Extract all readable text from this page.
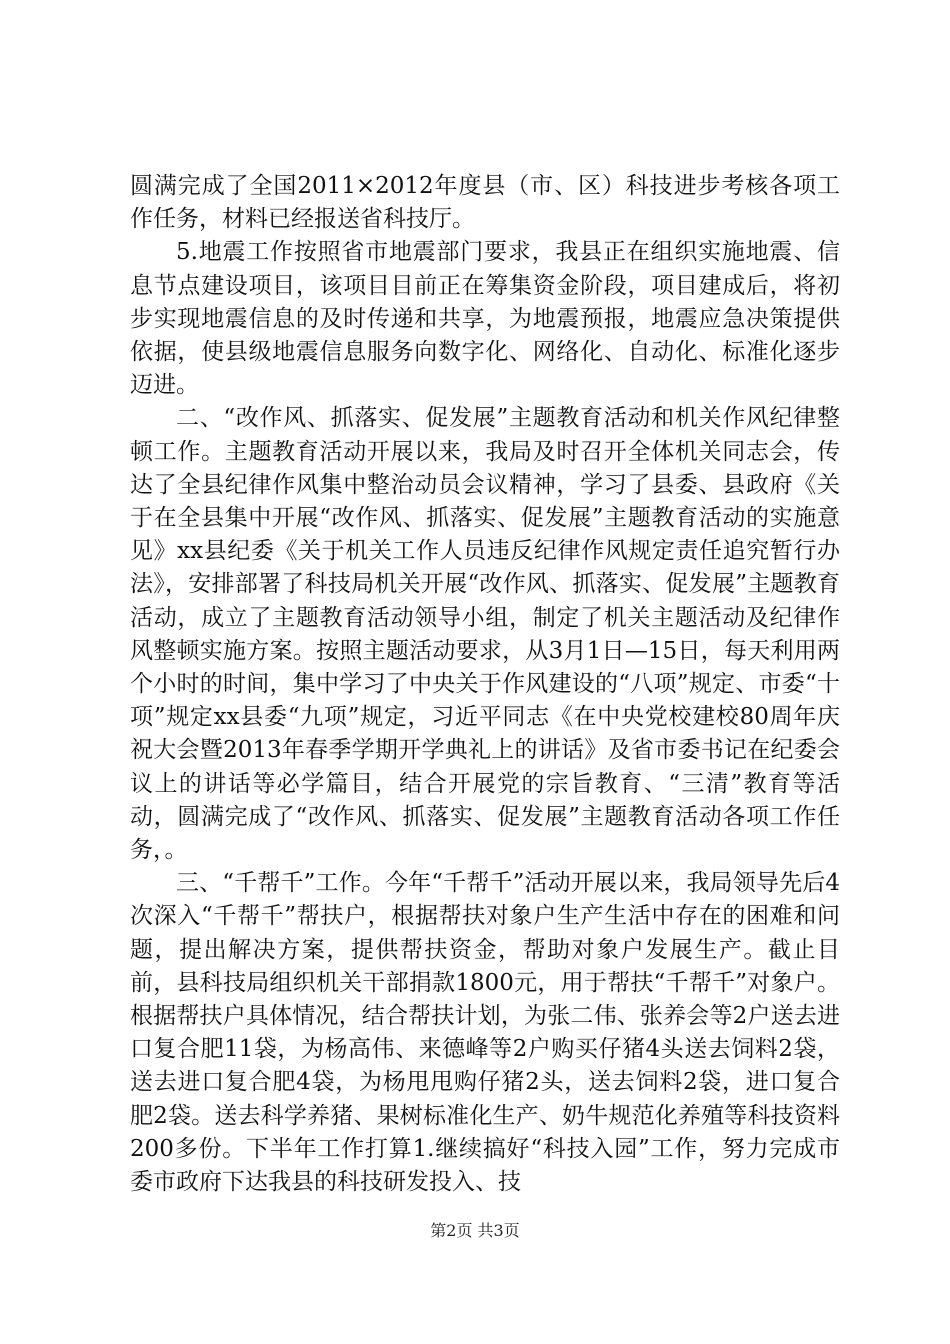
圆满完成了全国2011×2012年度县（市、区）科技进步考核各项工作任务，材料已经报送省科技厅。

5.地震工作按照省市地震部门要求，我县正在组织实施地震、信息节点建设项目，该项目目前正在筹集资金阶段，项目建成后，将初步实现地震信息的及时传递和共享，为地震预报，地震应急决策提供依据，使县级地震信息服务向数字化、网络化、自动化、标准化逐步迈进。

二、“改作风、抓落实、促发展”主题教育活动和机关作风纪律整顿工作。主题教育活动开展以来，我局及时召开全体机关同志会，传达了全县纪律作风集中整治动员会议精神，学习了县委、县政府《关于在全县集中开展“改作风、抓落实、促发展”主题教育活动的实施意见》xx县纪委《关于机关工作人员违反纪律作风规定责任追究暂行办法》，安排部署了科技局机关开展“改作风、抓落实、促发展”主题教育活动，成立了主题教育活动领导小组，制定了机关主题活动及纪律作风整顿实施方案。按照主题活动要求，从3月1日—15日，每天利用两个小时的时间，集中学习了中央关于作风建设的“八项”规定、市委“十项”规定xx县委“九项”规定，习近平同志《在中央党校建校80周年庆祝大会暨2013年春季学期开学典礼上的讲话》及省市委书记在纪委会议上的讲话等必学篇目，结合开展党的宗旨教育、“三清”教育等活动，圆满完成了“改作风、抓落实、促发展”主题教育活动各项工作任务，。

三、“千帮千”工作。今年“千帮千”活动开展以来，我局领导先后4次深入“千帮千”帮扶户，根据帮扶对象户生产生活中存在的困难和问题，提出解决方案，提供帮扶资金，帮助对象户发展生产。截止目前，县科技局组织机关干部捐款1800元，用于帮扶“千帮千”对象户。根据帮扶户具体情况，结合帮扶计划，为张二伟、张养会等2户送去进口复合肥11袋，为杨高伟、来德峰等2户购买仔猪4头送去饲料2袋，送去进口复合肥4袋，为杨甩甩购仔猪2头，送去饲料2袋，进口复合肥2袋。送去科学养猪、果树标准化生产、奶牛规范化养殖等科技资料200多份。下半年工作打算1.继续搞好“科技入园”工作，努力完成市委市政府下达我县的科技研发投入、技

第2页 共3页
